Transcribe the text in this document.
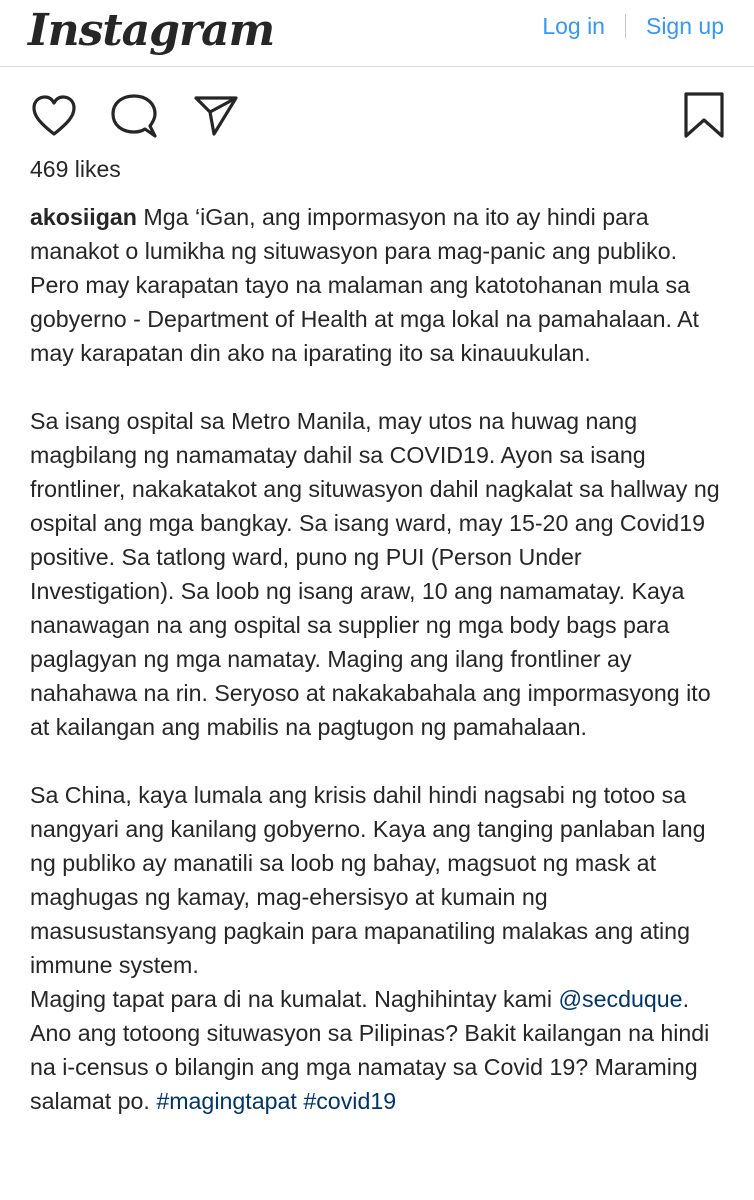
Instagram	Log in Sign up
469 likes

akosiigan Mga ‘iGan, ang impormasyon na ito ay hindi para manakot o lumikha ng situwasyon para mag-panic ang publiko. Pero may karapatan tayo na malaman ang katotohanan mula sa gobyerno - Department of Health at mga lokal na pamahalaan. At may karapatan din ako na iparating ito sa kinauukulan.

Sa isang ospital sa Metro Manila, may utos na huwag nang magbilang ng namamatay dahil sa COVID19. Ayon sa isang frontliner, nakakatakot ang situwasyon dahil nagkalat sa hallway ng ospital ang mga bangkay. Sa isang ward, may 15-20 ang Covid19 positive. Sa tatlong ward, puno ng PUI (Person Under Investigation). Sa loob ng isang araw, 10 ang namamatay. Kaya nanawagan na ang ospital sa supplier ng mga body bags para paglagyan ng mga namatay. Maging ang ilang frontliner ay nahahawa na rin. Seryoso at nakakabahala ang impormasyong ito at kailangan ang mabilis na pagtugon ng pamahalaan.

Sa China, kaya lumala ang krisis dahil hindi nagsabi ng totoo sa nangyari ang kanilang gobyerno. Kaya ang tanging panlaban lang ng publiko ay manatili sa loob ng bahay, magsuot ng mask at maghugas ng kamay, mag-ehersisyo at kumain ng masusustansyang pagkain para mapanatiling malakas ang ating immune system.

Maging tapat para di na kumalat. Naghihintay kami @secduque. Ano ang totoong situwasyon sa Pilipinas? Bakit kailangan na hindi na i-census o bilangin ang mga namatay sa Covid 19? Maraming salamat po. #magingtapat #covid19
